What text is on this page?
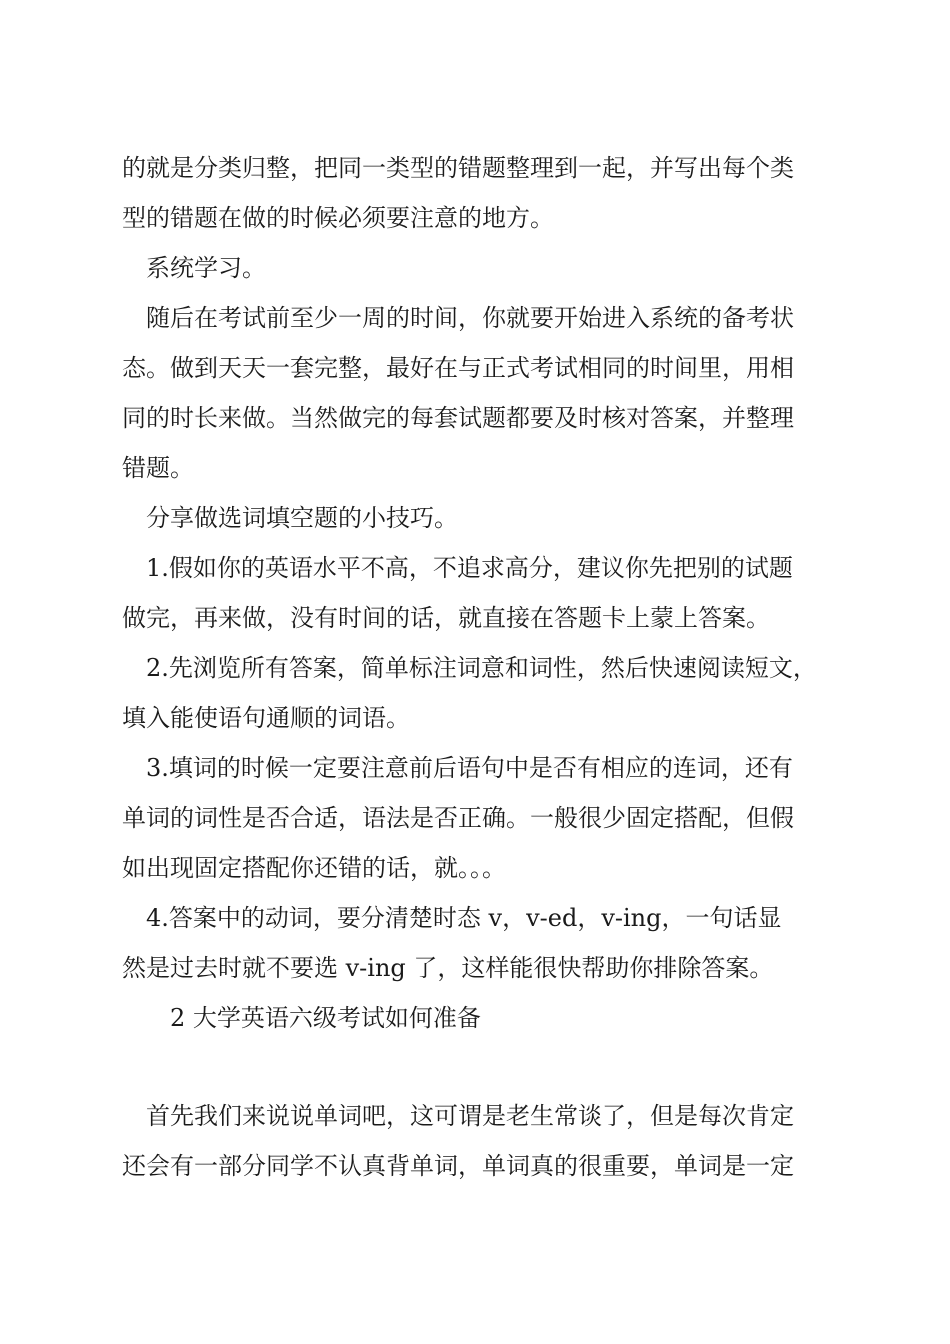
的就是分类归整，把同一类型的错题整理到一起，并写出每个类
型的错题在做的时候必须要注意的地方。
系统学习。
随后在考试前至少一周的时间，你就要开始进入系统的备考状
态。做到天天一套完整，最好在与正式考试相同的时间里，用相
同的时长来做。当然做完的每套试题都要及时核对答案，并整理
错题。
分享做选词填空题的小技巧。
1.假如你的英语水平不高，不追求高分，建议你先把别的试题
做完，再来做，没有时间的话，就直接在答题卡上蒙上答案。
2.先浏览所有答案，简单标注词意和词性，然后快速阅读短文，
填入能使语句通顺的词语。
3.填词的时候一定要注意前后语句中是否有相应的连词，还有
单词的词性是否合适，语法是否正确。一般很少固定搭配，但假
如出现固定搭配你还错的话，就。。。
4.答案中的动词，要分清楚时态 v，v-ed，v-ing，一句话显
然是过去时就不要选 v-ing 了，这样能很快帮助你排除答案。
2 大学英语六级考试如何准备
首先我们来说说单词吧，这可谓是老生常谈了，但是每次肯定
还会有一部分同学不认真背单词，单词真的很重要，单词是一定
